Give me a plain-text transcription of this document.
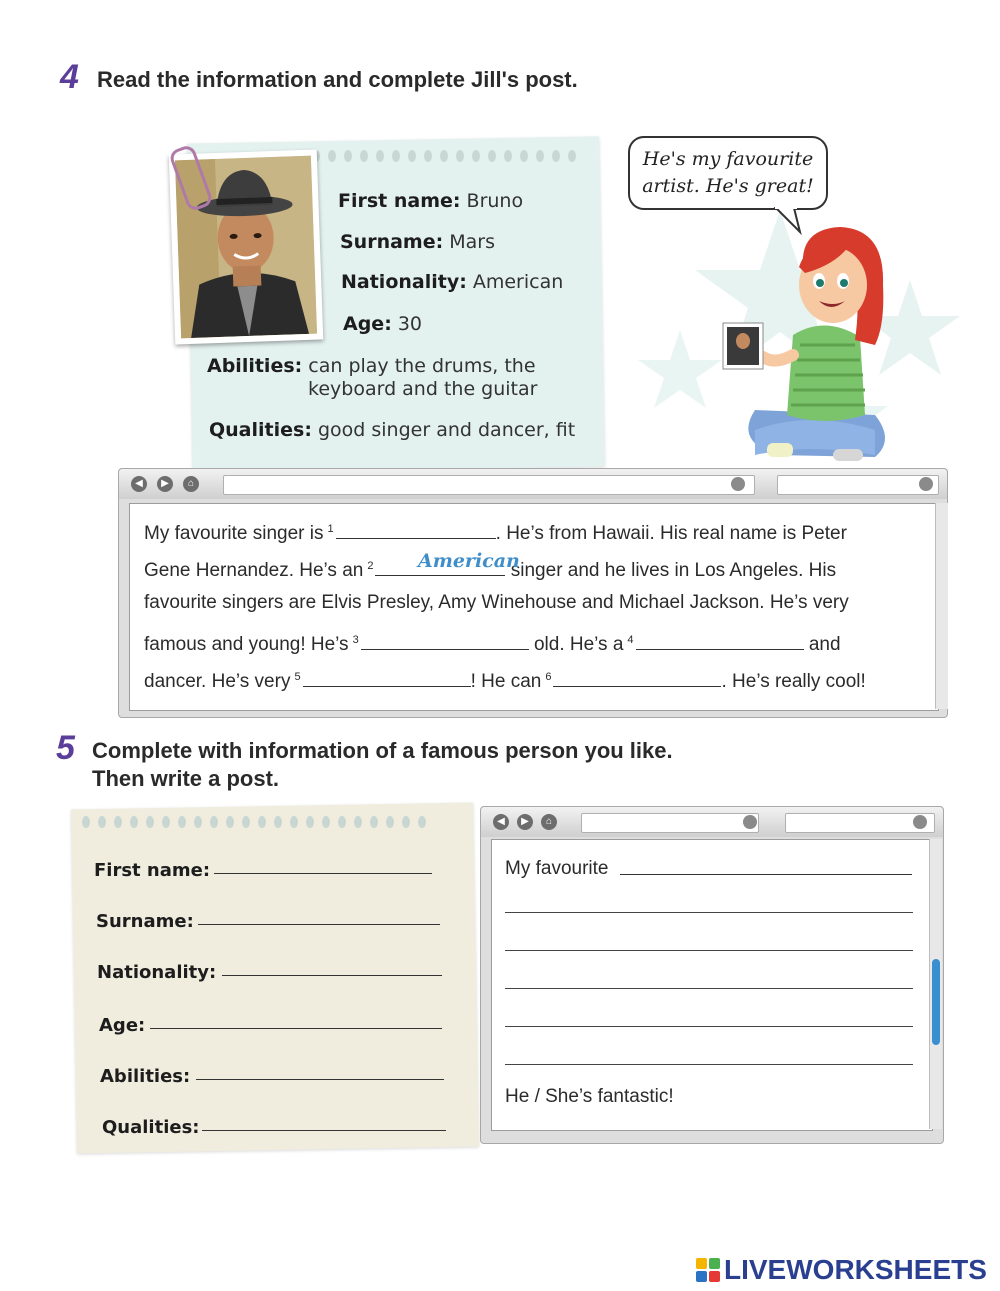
4 Read the information and complete Jill's post.
First name: Bruno
Surname: Mars
Nationality: American
Age: 30
Abilities: can play the drums, the
keyboard and the guitar
Qualities: good singer and dancer, fit
He's my favourite
artist. He's great!
◀	▶	⌂
My favourite singer is $^1$	. He’s from Hawaii. His real name is Peter
Gene Hernandez. He’s an $^2$	singer and he lives in Los Angeles. His
American
favourite singers are Elvis Presley, Amy Winehouse and Michael Jackson. He’s very
famous and young! He’s $^3$	old. He’s a $^4$	and
dancer. He’s very $^5$	! He can $^6$	. He’s really cool!
5 Complete with information of a famous person you like.
Then write a post.
First name:
Surname:
Nationality:
Age:
Abilities:
Qualities:
◀	▶	⌂
My favourite
He / She’s fantastic!
LIVEWORKSHEETS
